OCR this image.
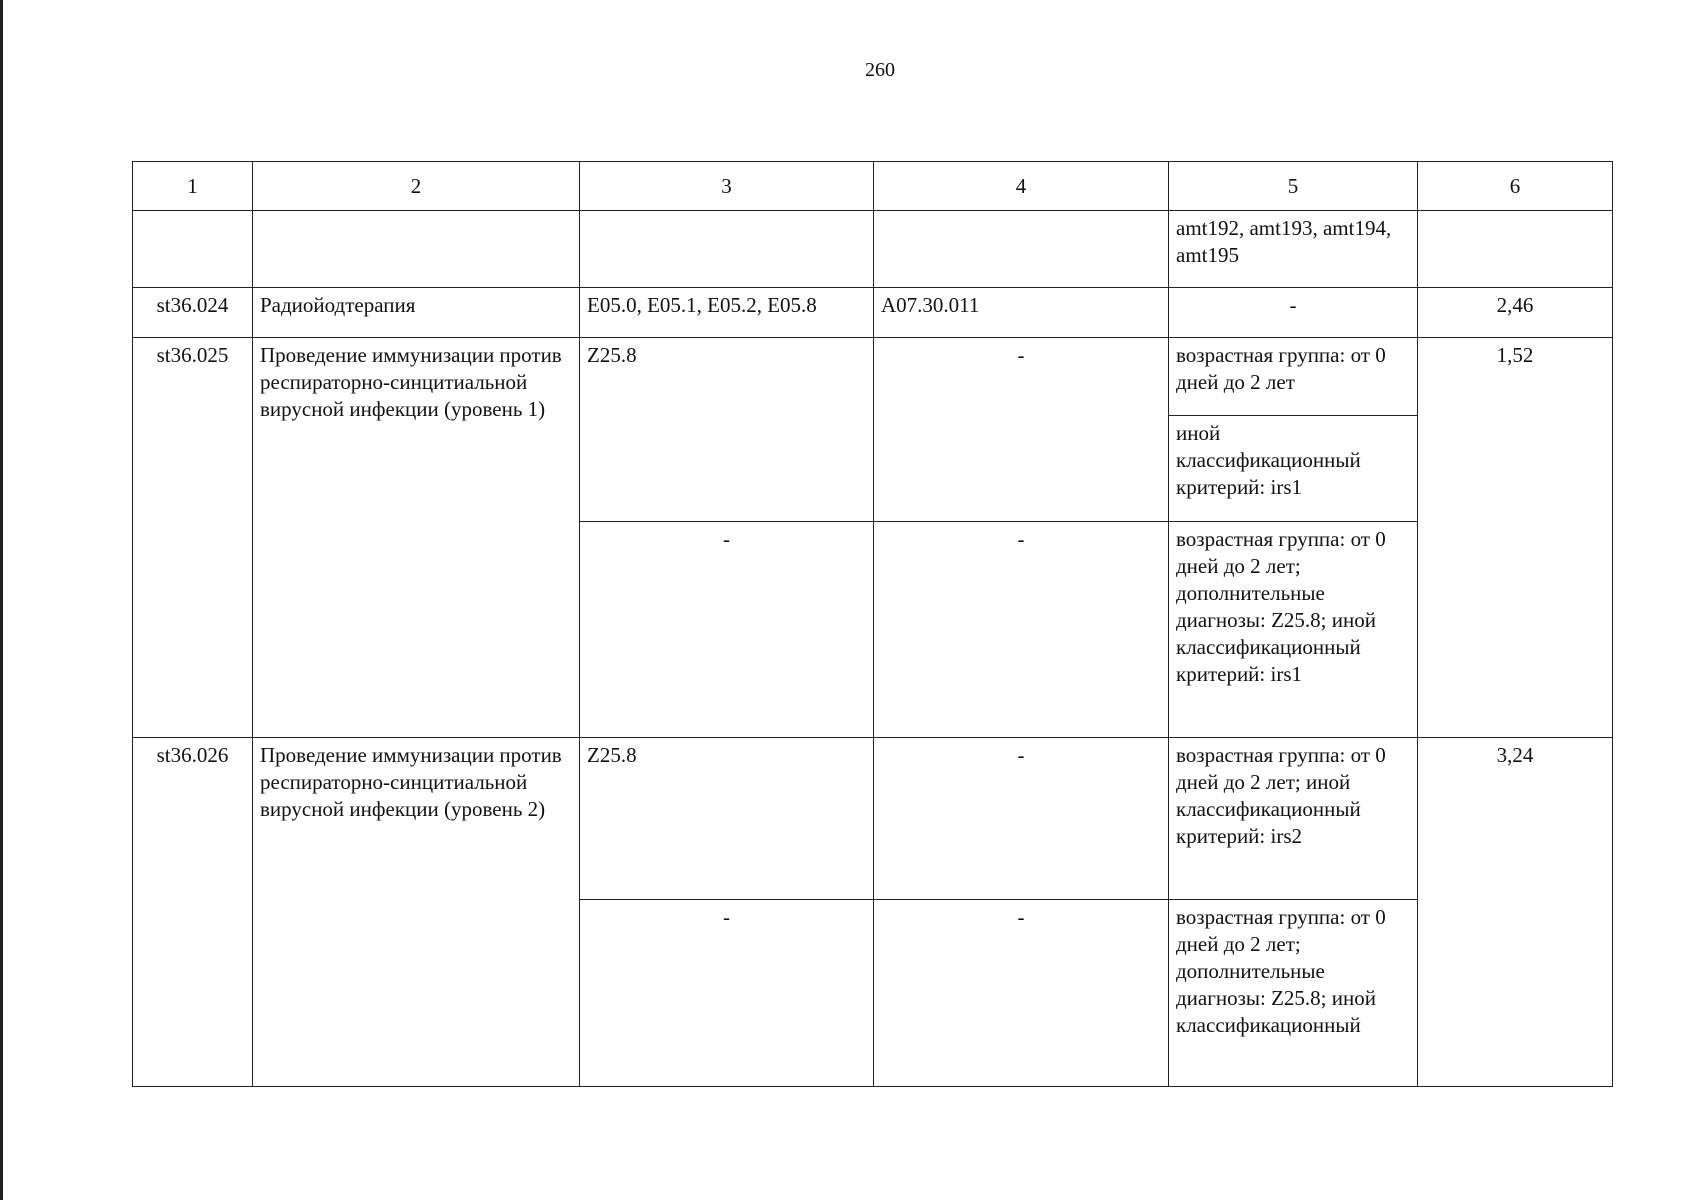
260
1	2	3	4	5	6
				amt192, amt193, amt194, amt195	
st36.024	Радиойодтерапия	E05.0, E05.1, E05.2, E05.8	A07.30.011	-	2,46
st36.025	Проведение иммунизации против респираторно-синцитиальной вирусной инфекции (уровень 1)	Z25.8	-	возрастная группа: от 0 дней до 2 лет	1,52
				иной классификационный критерий: irs1	
		-	-	возрастная группа: от 0 дней до 2 лет; дополнительные диагнозы: Z25.8; иной классификационный критерий: irs1	
st36.026	Проведение иммунизации против респираторно-синцитиальной вирусной инфекции (уровень 2)	Z25.8	-	возрастная группа: от 0 дней до 2 лет; иной классификационный критерий: irs2	3,24
		-	-	возрастная группа: от 0 дней до 2 лет; дополнительные диагнозы: Z25.8; иной классификационный	
